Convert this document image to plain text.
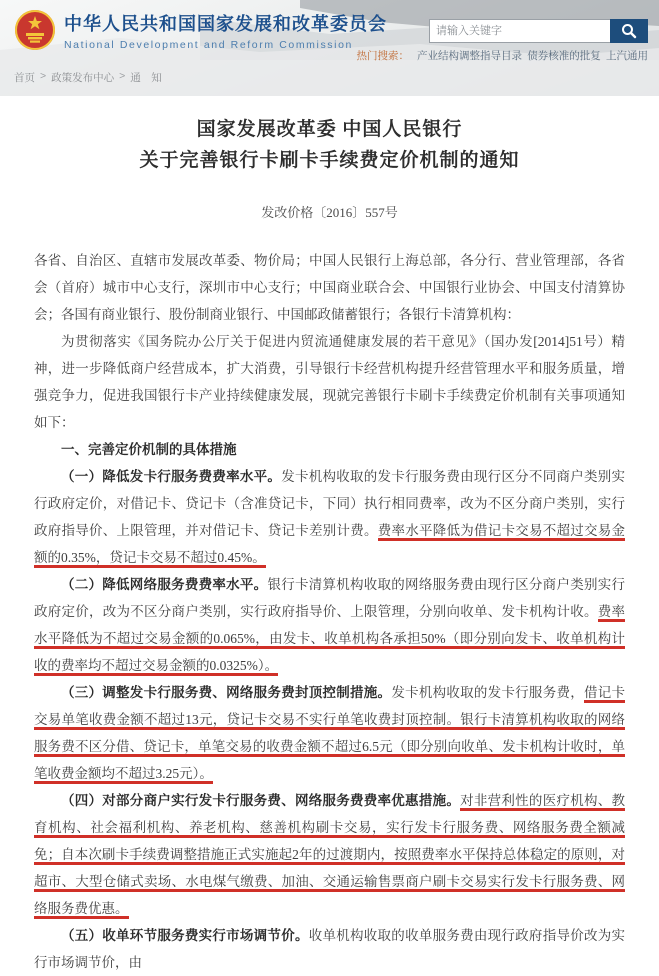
中华人民共和国国家发展和改革委员会
National Development and Reform Commission
请输入关键字
热门搜索： 产业结构调整指导目录  债券核准的批复  上汽通用
首页 > 政策发布中心 > 通　知
国家发展改革委 中国人民银行
关于完善银行卡刷卡手续费定价机制的通知
发改价格〔2016〕557号

各省、自治区、直辖市发展改革委、物价局；中国人民银行上海总部，各分行、营业管理部，各省会（首府）城市中心支行，深圳市中心支行；中国商业联合会、中国银行业协会、中国支付清算协会；各国有商业银行、股份制商业银行、中国邮政储蓄银行；各银行卡清算机构：

为贯彻落实《国务院办公厅关于促进内贸流通健康发展的若干意见》（国办发[2014]51号）精神，进一步降低商户经营成本，扩大消费，引导银行卡经营机构提升经营管理水平和服务质量，增强竞争力，促进我国银行卡产业持续健康发展，现就完善银行卡刷卡手续费定价机制有关事项通知如下：

一、完善定价机制的具体措施

（一）降低发卡行服务费费率水平。发卡机构收取的发卡行服务费由现行区分不同商户类别实行政府定价，对借记卡、贷记卡（含准贷记卡，下同）执行相同费率，改为不区分商户类别，实行政府指导价、上限管理，并对借记卡、贷记卡差别计费。费率水平降低为借记卡交易不超过交易金额的0.35%，贷记卡交易不超过0.45%。

（二）降低网络服务费费率水平。银行卡清算机构收取的网络服务费由现行区分商户类别实行政府定价，改为不区分商户类别，实行政府指导价、上限管理，分别向收单、发卡机构计收。费率水平降低为不超过交易金额的0.065%，由发卡、收单机构各承担50%（即分别向发卡、收单机构计收的费率均不超过交易金额的0.0325%）。

（三）调整发卡行服务费、网络服务费封顶控制措施。发卡机构收取的发卡行服务费，借记卡交易单笔收费金额不超过13元，贷记卡交易不实行单笔收费封顶控制。银行卡清算机构收取的网络服务费不区分借、贷记卡，单笔交易的收费金额不超过6.5元（即分别向收单、发卡机构计收时，单笔收费金额均不超过3.25元）。

（四）对部分商户实行发卡行服务费、网络服务费费率优惠措施。对非营利性的医疗机构、教育机构、社会福利机构、养老机构、慈善机构刷卡交易，实行发卡行服务费、网络服务费全额减免；自本次刷卡手续费调整措施正式实施起2年的过渡期内，按照费率水平保持总体稳定的原则，对超市、大型仓储式卖场、水电煤气缴费、加油、交通运输售票商户刷卡交易实行发卡行服务费、网络服务费优惠。

（五）收单环节服务费实行市场调节价。收单机构收取的收单服务费由现行政府指导价改为实行市场调节价，由
